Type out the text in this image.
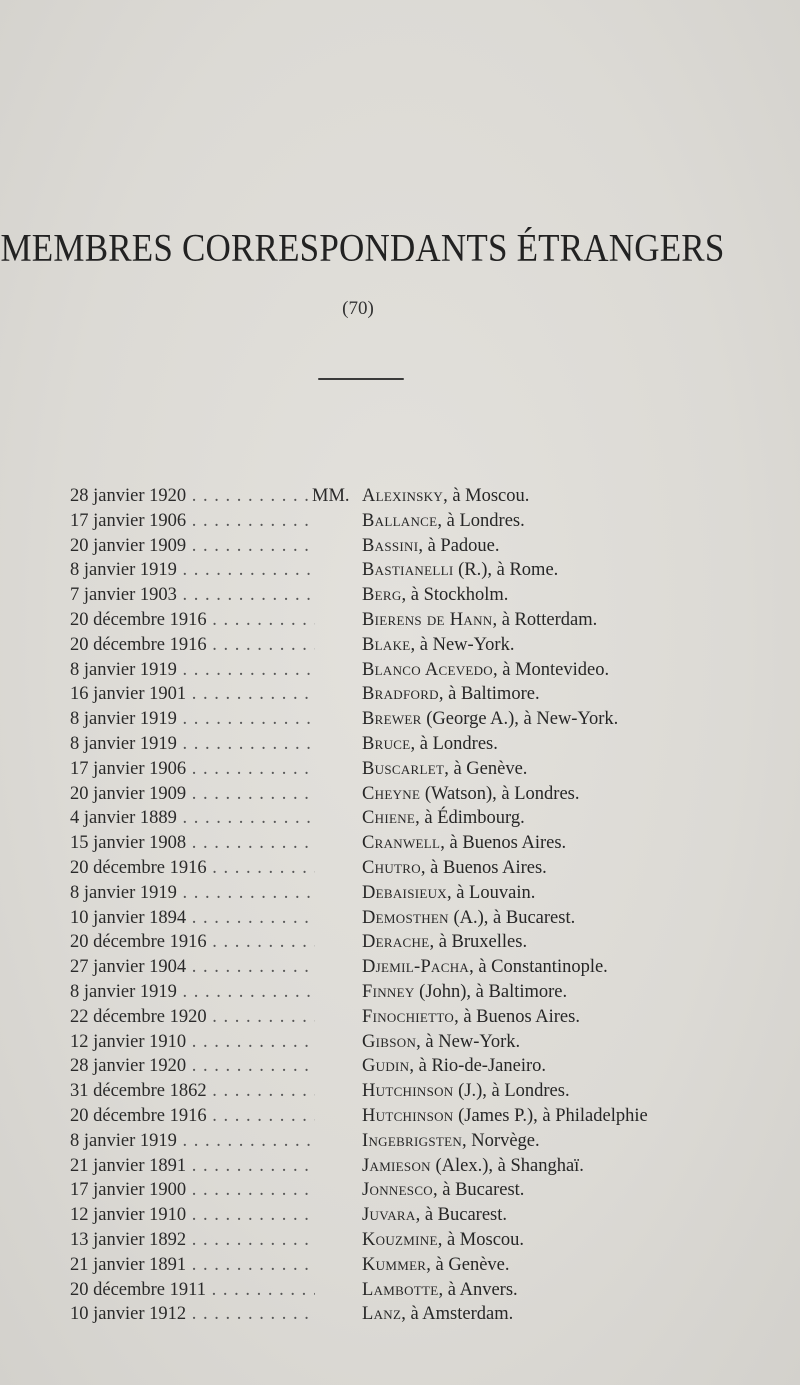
MEMBRES CORRESPONDANTS ÉTRANGERS
(70)
28 janvier 1920 . . .	MM. Alexinsky, à Moscou.
17 janvier 1906 . . .	Ballance, à Londres.
20 janvier 1909 . . .	Bassini, à Padoue.
8 janvier 1919 . . .	Bastianelli (R.), à Rome.
7 janvier 1903 . . .	Berg, à Stockholm.
20 décembre 1916 . . .	Bierens de Hann, à Rotterdam.
20 décembre 1916 . . .	Blake, à New-York.
8 janvier 1919 . . .	Blanco Acevedo, à Montevideo.
16 janvier 1901 . . .	Bradford, à Baltimore.
8 janvier 1919 . . .	Brewer (George A.), à New-York.
8 janvier 1919 . . .	Bruce, à Londres.
17 janvier 1906 . . .	Buscarlet, à Genève.
20 janvier 1909 . . .	Cheyne (Watson), à Londres.
4 janvier 1889 . . .	Chiene, à Édimbourg.
15 janvier 1908 . . .	Cranwell, à Buenos Aires.
20 décembre 1916 . . .	Chutro, à Buenos Aires.
8 janvier 1919 . . .	Debaisieux, à Louvain.
10 janvier 1894 . . .	Demosthen (A.), à Bucarest.
20 décembre 1916 . . .	Derache, à Bruxelles.
27 janvier 1904 . . .	Djemil-Pacha, à Constantinople.
8 janvier 1919 . . .	Finney (John), à Baltimore.
22 décembre 1920 . . .	Finochietto, à Buenos Aires.
12 janvier 1910 . . .	Gibson, à New-York.
28 janvier 1920 . . .	Gudin, à Rio-de-Janeiro.
31 décembre 1862 . . .	Hutchinson (J.), à Londres.
20 décembre 1916 . . .	Hutchinson (James P.), à Philadelphie
8 janvier 1919 . . .	Ingebrigsten, Norvège.
21 janvier 1891 . . .	Jamieson (Alex.), à Shanghaï.
17 janvier 1900 . . .	Jonnesco, à Bucarest.
12 janvier 1910 . . .	Juvara, à Bucarest.
13 janvier 1892 . . .	Kouzmine, à Moscou.
21 janvier 1891 . . .	Kummer, à Genève.
20 décembre 1911 . . .	Lambotte, à Anvers.
10 janvier 1912 . . .	Lanz, à Amsterdam.
